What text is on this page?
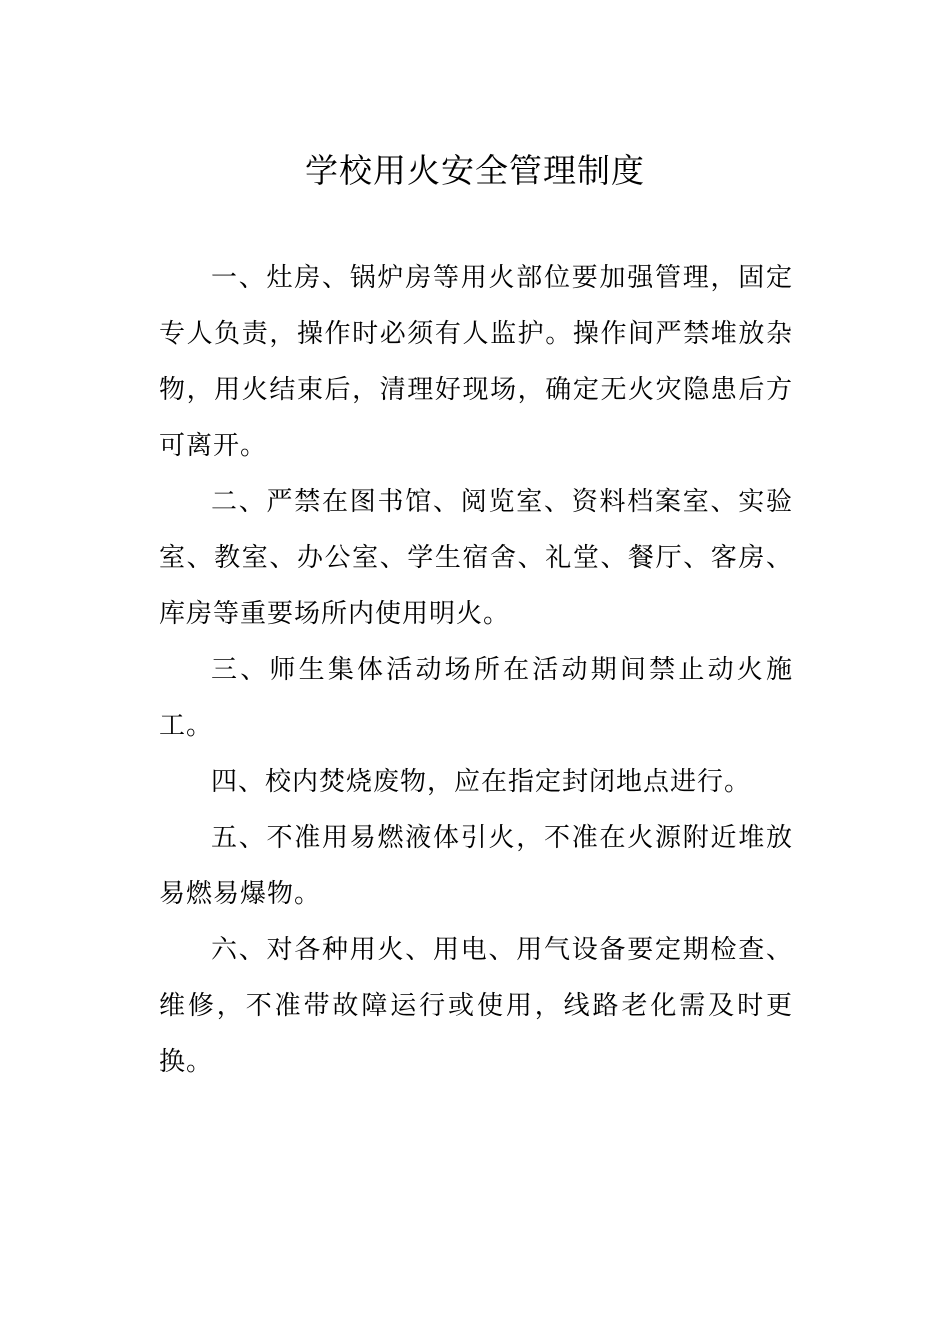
学校用火安全管理制度

一、灶房、锅炉房等用火部位要加强管理，固定专人负责，操作时必须有人监护。操作间严禁堆放杂物，用火结束后，清理好现场，确定无火灾隐患后方可离开。

二、严禁在图书馆、阅览室、资料档案室、实验室、教室、办公室、学生宿舍、礼堂、餐厅、客房、库房等重要场所内使用明火。

三、师生集体活动场所在活动期间禁止动火施工。

四、校内焚烧废物，应在指定封闭地点进行。

五、不准用易燃液体引火，不准在火源附近堆放易燃易爆物。

六、对各种用火、用电、用气设备要定期检查、维修，不准带故障运行或使用，线路老化需及时更换。
